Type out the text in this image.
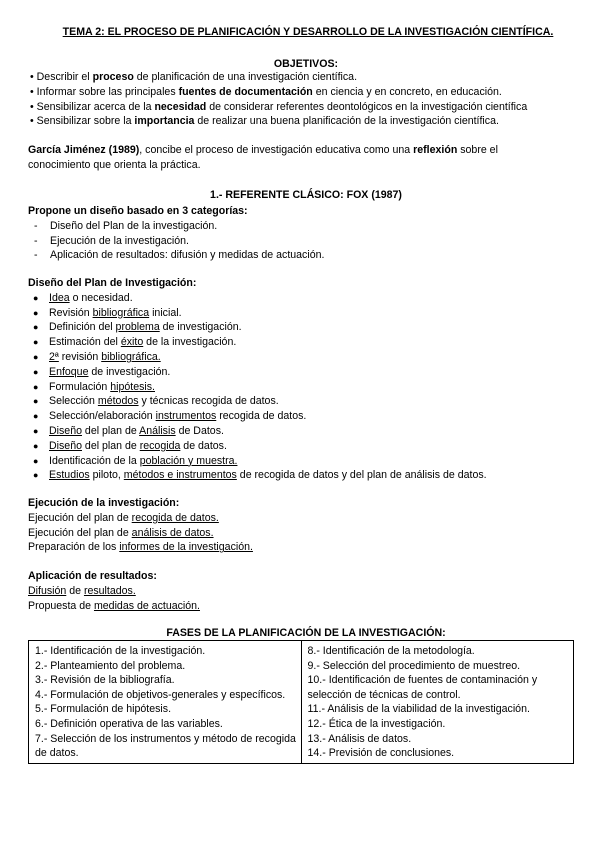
TEMA 2: EL PROCESO DE PLANIFICACIÓN Y DESARROLLO DE LA INVESTIGACIÓN CIENTÍFICA.
OBJETIVOS:
• Describir el proceso de planificación de una investigación científica.
• Informar sobre las principales fuentes de documentación en ciencia y en concreto, en educación.
• Sensibilizar acerca de la necesidad de considerar referentes deontológicos en la investigación científica
• Sensibilizar sobre la importancia de realizar una buena planificación de la investigación científica.
García Jiménez (1989), concibe el proceso de investigación educativa como una reflexión sobre el conocimiento que orienta la práctica.
1.- REFERENTE CLÁSICO: FOX (1987)
Propone un diseño basado en 3 categorías:
- Diseño del Plan de la investigación.
- Ejecución de la investigación.
- Aplicación de resultados: difusión y medidas de actuación.
Diseño del Plan de Investigación:
● Idea o necesidad.
● Revisión bibliográfica inicial.
● Definición del problema de investigación.
● Estimación del éxito de la investigación.
● 2ª revisión bibliográfica.
● Enfoque de investigación.
● Formulación hipótesis.
● Selección métodos y técnicas recogida de datos.
● Selección/elaboración instrumentos recogida de datos.
● Diseño del plan de Análisis de Datos.
● Diseño del plan de recogida de datos.
● Identificación de la población y muestra.
● Estudios piloto, métodos e instrumentos de recogida de datos y del plan de análisis de datos.
Ejecución de la investigación:
Ejecución del plan de recogida de datos.
Ejecución del plan de análisis de datos.
Preparación de los informes de la investigación.
Aplicación de resultados:
Difusión de resultados.
Propuesta de medidas de actuación.
FASES DE LA PLANIFICACIÓN DE LA INVESTIGACIÓN:
1.- Identificación de la investigación.
2.- Planteamiento del problema.
3.- Revisión de la bibliografía.
4.- Formulación de objetivos-generales y específicos.
5.- Formulación de hipótesis.
6.- Definición operativa de las variables.
7.- Selección de los instrumentos y método de recogida de datos.

8.- Identificación de la metodología.
9.- Selección del procedimiento de muestreo.
10.- Identificación de fuentes de contaminación y selección de técnicas de control.
11.- Análisis de la viabilidad de la investigación.
12.- Ética de la investigación.
13.- Análisis de datos.
14.- Previsión de conclusiones.
